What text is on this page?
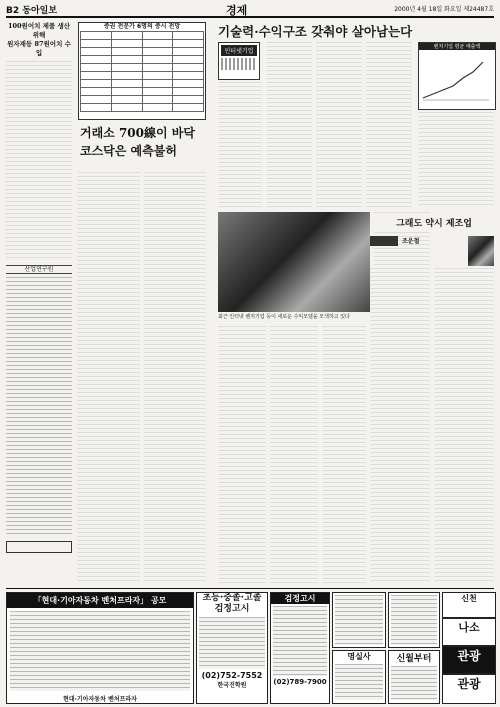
B2 동아일보	경제	2000년 4월 18일 화요일 제24487호
100원어치 제품 생산위해
원자재등 87원어치 수입
산업연구원
증권 전문가 6명의 증시 전망

거래소 700線이 바닥
코스닥은 예측불허
기술력·수익구조 갖춰야 살아남는다
인터넷기업
벤처기업 평균 매출액
최근 인터넷 벤처기업 등이 새로운 수익모델을 모색하고 있다
그래도 약시 제조업
조운철
「현대·기아자동차 벤처프라자」 공모
현대·기아자동차 벤처프라자
초등·중졸·고졸 검정고시
(02)752-7552
한국진학원
검정고시
(02)789-7900
명실사	신월부터
신천
나소
관광
관광
